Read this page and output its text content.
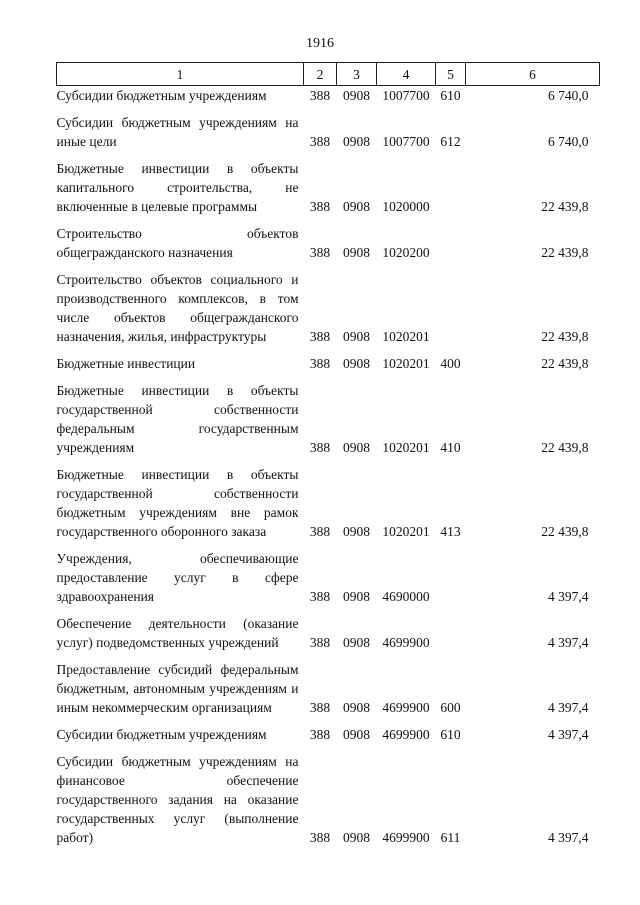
1916
1	2	3	4	5	6
Субсидии бюджетным учреждениям	388	0908	1007700	610	6 740,0
Субсидии бюджетным учреждениям на иные цели	388	0908	1007700	612	6 740,0
Бюджетные инвестиции в объекты капитального строительства, не включенные в целевые программы	388	0908	1020000		22 439,8
Строительство объектов общегражданского назначения	388	0908	1020200		22 439,8
Строительство объектов социального и производственного комплексов, в том числе объектов общегражданского назначения, жилья, инфраструктуры	388	0908	1020201		22 439,8
Бюджетные инвестиции	388	0908	1020201	400	22 439,8
Бюджетные инвестиции в объекты государственной собственности федеральным государственным учреждениям	388	0908	1020201	410	22 439,8
Бюджетные инвестиции в объекты государственной собственности бюджетным учреждениям вне рамок государственного оборонного заказа	388	0908	1020201	413	22 439,8
Учреждения, обеспечивающие предоставление услуг в сфере здравоохранения	388	0908	4690000		4 397,4
Обеспечение деятельности (оказание услуг) подведомственных учреждений	388	0908	4699900		4 397,4
Предоставление субсидий федеральным бюджетным, автономным учреждениям и иным некоммерческим организациям	388	0908	4699900	600	4 397,4
Субсидии бюджетным учреждениям	388	0908	4699900	610	4 397,4
Субсидии бюджетным учреждениям на финансовое обеспечение государственного задания на оказание государственных услуг (выполнение работ)	388	0908	4699900	611	4 397,4
